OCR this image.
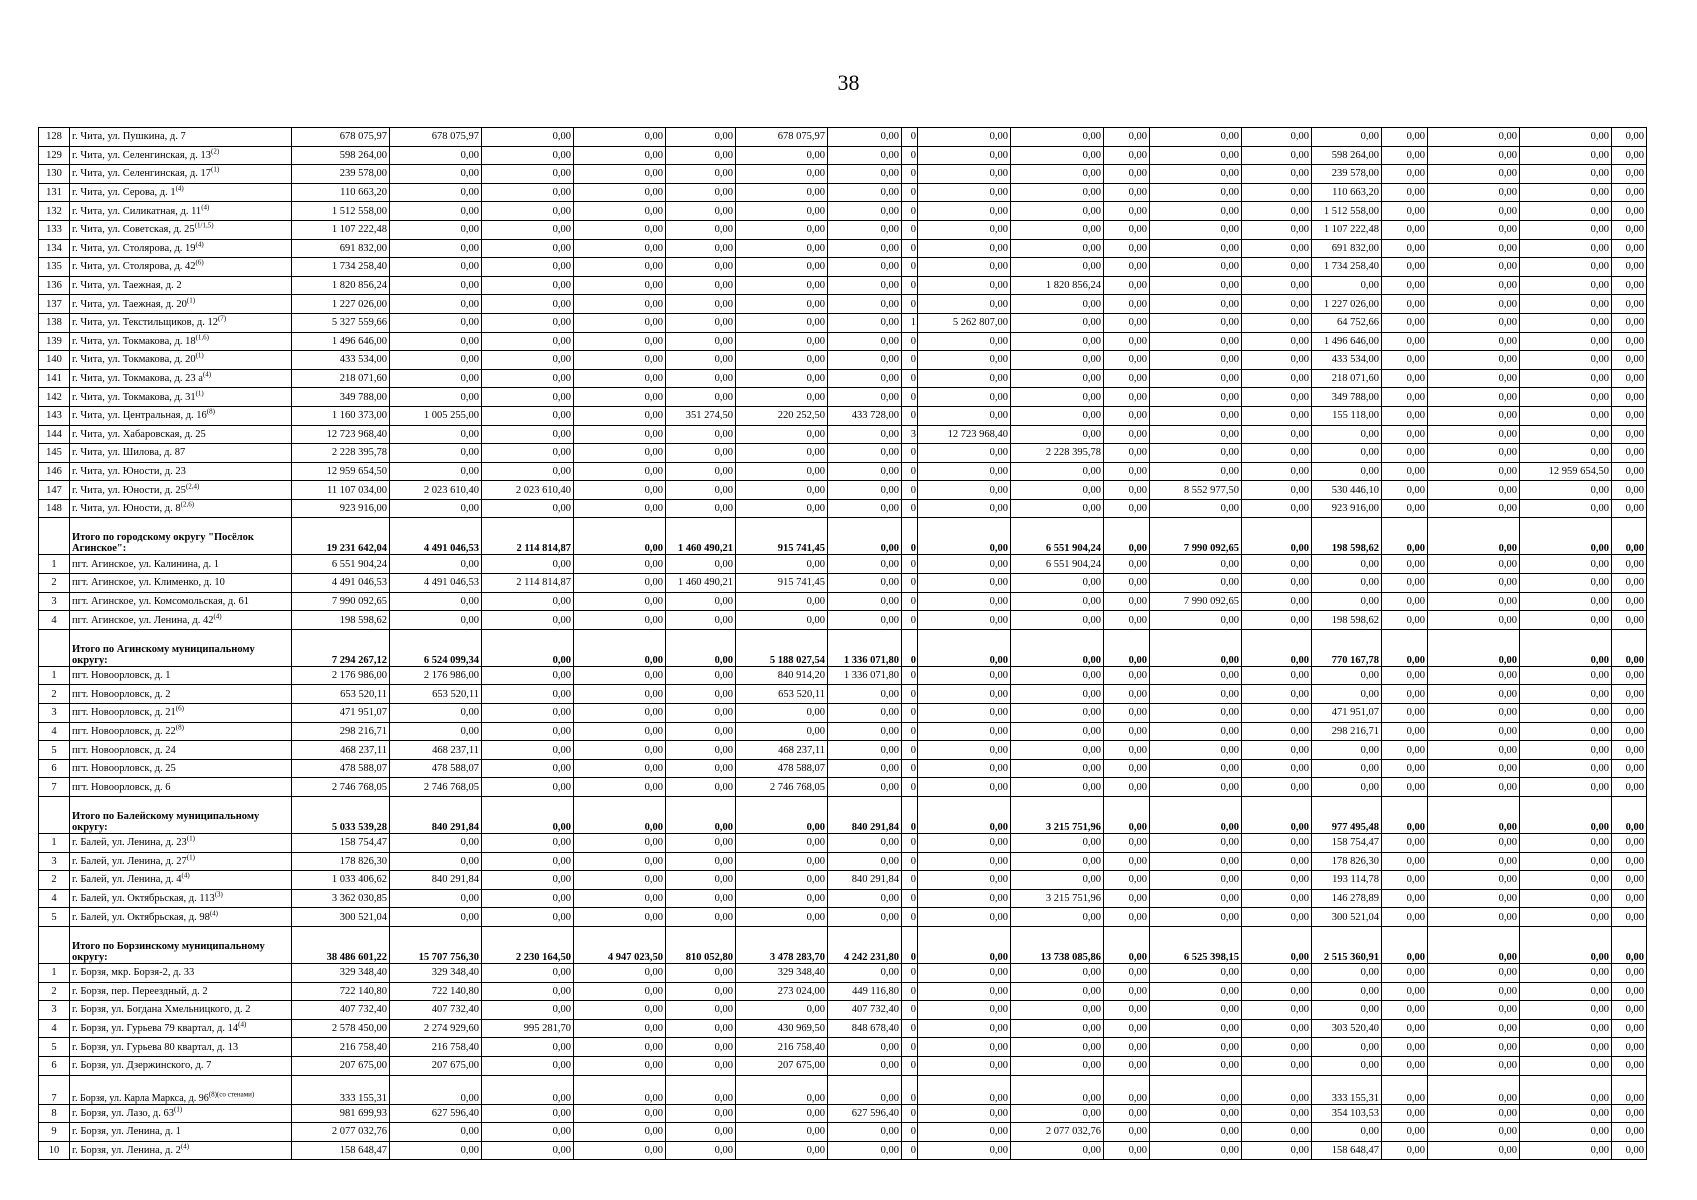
38
128	г. Чита, ул. Пушкина, д. 7	678 075,97	678 075,97	0,00	0,00	0,00	678 075,97	0,00	0	0,00	0,00	0,00	0,00	0,00	0,00	0,00	0,00	0,00	0,00
129	г. Чита, ул. Селенгинская, д. 13$^{(2)}$	598 264,00	0,00	0,00	0,00	0,00	0,00	0,00	0	0,00	0,00	0,00	0,00	0,00	598 264,00	0,00	0,00	0,00	0,00
130	г. Чита, ул. Селенгинская, д. 17$^{(1)}$	239 578,00	0,00	0,00	0,00	0,00	0,00	0,00	0	0,00	0,00	0,00	0,00	0,00	239 578,00	0,00	0,00	0,00	0,00
131	г. Чита, ул. Серова, д. 1$^{(4)}$	110 663,20	0,00	0,00	0,00	0,00	0,00	0,00	0	0,00	0,00	0,00	0,00	0,00	110 663,20	0,00	0,00	0,00	0,00
132	г. Чита, ул. Силикатная, д. 11$^{(4)}$	1 512 558,00	0,00	0,00	0,00	0,00	0,00	0,00	0	0,00	0,00	0,00	0,00	0,00	1 512 558,00	0,00	0,00	0,00	0,00
133	г. Чита, ул. Советская, д. $25^{(1/1,5)}$	1 107 222,48	0,00	0,00	0,00	0,00	0,00	0,00	0	0,00	0,00	0,00	0,00	0,00	1 107 222,48	0,00	0,00	0,00	0,00
134	г. Чита, ул. Столярова, д. 19$^{(4)}$	691 832,00	0,00	0,00	0,00	0,00	0,00	0,00	0	0,00	0,00	0,00	0,00	0,00	691 832,00	0,00	0,00	0,00	0,00
135	г. Чита, ул. Столярова, д. 42$^{(6)}$	1 734 258,40	0,00	0,00	0,00	0,00	0,00	0,00	0	0,00	0,00	0,00	0,00	0,00	1 734 258,40	0,00	0,00	0,00	0,00
136	г. Чита, ул. Таежная, д. 2	1 820 856,24	0,00	0,00	0,00	0,00	0,00	0,00	0	0,00	1 820 856,24	0,00	0,00	0,00	0,00	0,00	0,00	0,00	0,00
137	г. Чита, ул. Таежная, д. 20$^{(1)}$	1 227 026,00	0,00	0,00	0,00	0,00	0,00	0,00	0	0,00	0,00	0,00	0,00	0,00	1 227 026,00	0,00	0,00	0,00	0,00
138	г. Чита, ул. Текстильщиков, д. 12$^{(7)}$	5 327 559,66	0,00	0,00	0,00	0,00	0,00	0,00	1	5 262 807,00	0,00	0,00	0,00	0,00	64 752,66	0,00	0,00	0,00	0,00
139	г. Чита, ул. Токмакова, д. 18$^{(1,6)}$	1 496 646,00	0,00	0,00	0,00	0,00	0,00	0,00	0	0,00	0,00	0,00	0,00	0,00	1 496 646,00	0,00	0,00	0,00	0,00
140	г. Чита, ул. Токмакова, д. 20$^{(1)}$	433 534,00	0,00	0,00	0,00	0,00	0,00	0,00	0	0,00	0,00	0,00	0,00	0,00	433 534,00	0,00	0,00	0,00	0,00
141	г. Чита, ул. Токмакова, д. 23 $а^{(4)}$	218 071,60	0,00	0,00	0,00	0,00	0,00	0,00	0	0,00	0,00	0,00	0,00	0,00	218 071,60	0,00	0,00	0,00	0,00
142	г. Чита, ул. Токмакова, д. 31$^{(1)}$	349 788,00	0,00	0,00	0,00	0,00	0,00	0,00	0	0,00	0,00	0,00	0,00	0,00	349 788,00	0,00	0,00	0,00	0,00
143	г. Чита, ул. Центральная, д. 16$^{(8)}$	1 160 373,00	1 005 255,00	0,00	0,00	351 274,50	220 252,50	433 728,00	0	0,00	0,00	0,00	0,00	0,00	155 118,00	0,00	0,00	0,00	0,00
144	г. Чита, ул. Хабаровская, д. 25	12 723 968,40	0,00	0,00	0,00	0,00	0,00	0,00	3	12 723 968,40	0,00	0,00	0,00	0,00	0,00	0,00	0,00	0,00	0,00
145	г. Чита, ул. Шилова, д. 87	2 228 395,78	0,00	0,00	0,00	0,00	0,00	0,00	0	0,00	2 228 395,78	0,00	0,00	0,00	0,00	0,00	0,00	0,00	0,00
146	г. Чита, ул. Юности, д. 23	12 959 654,50	0,00	0,00	0,00	0,00	0,00	0,00	0	0,00	0,00	0,00	0,00	0,00	0,00	0,00	0,00	12 959 654,50	0,00
147	г. Чита, ул. Юности, д. 25$^{(2,4)}$	11 107 034,00	2 023 610,40	2 023 610,40	0,00	0,00	0,00	0,00	0	0,00	0,00	0,00	8 552 977,50	0,00	530 446,10	0,00	0,00	0,00	0,00
148	г. Чита, ул. Юности, д. 8$^{(2,6)}$	923 916,00	0,00	0,00	0,00	0,00	0,00	0,00	0	0,00	0,00	0,00	0,00	0,00	923 916,00	0,00	0,00	0,00	0,00
	Итого по городскому округу "Посёлок Агинское":	19 231 642,04	4 491 046,53	2 114 814,87	0,00	1 460 490,21	915 741,45	0,00	0	0,00	6 551 904,24	0,00	7 990 092,65	0,00	198 598,62	0,00	0,00	0,00	0,00
1	пгт. Агинское, ул. Калинина, д. 1	6 551 904,24	0,00	0,00	0,00	0,00	0,00	0,00	0	0,00	6 551 904,24	0,00	0,00	0,00	0,00	0,00	0,00	0,00	0,00
2	пгт. Агинское, ул. Клименко, д. 10	4 491 046,53	4 491 046,53	2 114 814,87	0,00	1 460 490,21	915 741,45	0,00	0	0,00	0,00	0,00	0,00	0,00	0,00	0,00	0,00	0,00	0,00
3	пгт. Агинское, ул. Комсомольская, д. 61	7 990 092,65	0,00	0,00	0,00	0,00	0,00	0,00	0	0,00	0,00	0,00	7 990 092,65	0,00	0,00	0,00	0,00	0,00	0,00
4	пгт. Агинское, ул. Ленина, д. 42$^{(4)}$	198 598,62	0,00	0,00	0,00	0,00	0,00	0,00	0	0,00	0,00	0,00	0,00	0,00	198 598,62	0,00	0,00	0,00	0,00
	Итого по Агинскому муниципальному округу:	7 294 267,12	6 524 099,34	0,00	0,00	0,00	5 188 027,54	1 336 071,80	0	0,00	0,00	0,00	0,00	0,00	770 167,78	0,00	0,00	0,00	0,00
1	пгт. Новоорловск, д. 1	2 176 986,00	2 176 986,00	0,00	0,00	0,00	840 914,20	1 336 071,80	0	0,00	0,00	0,00	0,00	0,00	0,00	0,00	0,00	0,00	0,00
2	пгт. Новоорловск, д. 2	653 520,11	653 520,11	0,00	0,00	0,00	653 520,11	0,00	0	0,00	0,00	0,00	0,00	0,00	0,00	0,00	0,00	0,00	0,00
3	пгт. Новоорловск, д. 21$^{(6)}$	471 951,07	0,00	0,00	0,00	0,00	0,00	0,00	0	0,00	0,00	0,00	0,00	0,00	471 951,07	0,00	0,00	0,00	0,00
4	пгт. Новоорловск, д. 22$^{(8)}$	298 216,71	0,00	0,00	0,00	0,00	0,00	0,00	0	0,00	0,00	0,00	0,00	0,00	298 216,71	0,00	0,00	0,00	0,00
5	пгт. Новоорловск, д. 24	468 237,11	468 237,11	0,00	0,00	0,00	468 237,11	0,00	0	0,00	0,00	0,00	0,00	0,00	0,00	0,00	0,00	0,00	0,00
6	пгт. Новоорловск, д. 25	478 588,07	478 588,07	0,00	0,00	0,00	478 588,07	0,00	0	0,00	0,00	0,00	0,00	0,00	0,00	0,00	0,00	0,00	0,00
7	пгт. Новоорловск, д. 6	2 746 768,05	2 746 768,05	0,00	0,00	0,00	2 746 768,05	0,00	0	0,00	0,00	0,00	0,00	0,00	0,00	0,00	0,00	0,00	0,00
	Итого по Балейскому муниципальному округу:	5 033 539,28	840 291,84	0,00	0,00	0,00	0,00	840 291,84	0	0,00	3 215 751,96	0,00	0,00	0,00	977 495,48	0,00	0,00	0,00	0,00
1	г. Балей, ул. Ленина, д. 23$^{(1)}$	158 754,47	0,00	0,00	0,00	0,00	0,00	0,00	0	0,00	0,00	0,00	0,00	0,00	158 754,47	0,00	0,00	0,00	0,00
3	г. Балей, ул. Ленина, д. 27$^{(1)}$	178 826,30	0,00	0,00	0,00	0,00	0,00	0,00	0	0,00	0,00	0,00	0,00	0,00	178 826,30	0,00	0,00	0,00	0,00
2	г. Балей, ул. Ленина, д. 4$^{(4)}$	1 033 406,62	840 291,84	0,00	0,00	0,00	0,00	840 291,84	0	0,00	0,00	0,00	0,00	0,00	193 114,78	0,00	0,00	0,00	0,00
4	г. Балей, ул. Октябрьская, д. 113$^{(3)}$	3 362 030,85	0,00	0,00	0,00	0,00	0,00	0,00	0	0,00	3 215 751,96	0,00	0,00	0,00	146 278,89	0,00	0,00	0,00	0,00
5	г. Балей, ул. Октябрьская, д. 98$^{(4)}$	300 521,04	0,00	0,00	0,00	0,00	0,00	0,00	0	0,00	0,00	0,00	0,00	0,00	300 521,04	0,00	0,00	0,00	0,00
	Итого по Борзинскому муниципальному округу:	38 486 601,22	15 707 756,30	2 230 164,50	4 947 023,50	810 052,80	3 478 283,70	4 242 231,80	0	0,00	13 738 085,86	0,00	6 525 398,15	0,00	2 515 360,91	0,00	0,00	0,00	0,00
1	г. Борзя, мкр. Борзя-2, д. 33	329 348,40	329 348,40	0,00	0,00	0,00	329 348,40	0,00	0	0,00	0,00	0,00	0,00	0,00	0,00	0,00	0,00	0,00	0,00
2	г. Борзя, пер. Переездный, д. 2	722 140,80	722 140,80	0,00	0,00	0,00	273 024,00	449 116,80	0	0,00	0,00	0,00	0,00	0,00	0,00	0,00	0,00	0,00	0,00
3	г. Борзя, ул. Богдана Хмельницкого, д. 2	407 732,40	407 732,40	0,00	0,00	0,00	0,00	407 732,40	0	0,00	0,00	0,00	0,00	0,00	0,00	0,00	0,00	0,00	0,00
4	г. Борзя, ул. Гурьева 79 квартал, д. 14$^{(4)}$	2 578 450,00	2 274 929,60	995 281,70	0,00	0,00	430 969,50	848 678,40	0	0,00	0,00	0,00	0,00	0,00	303 520,40	0,00	0,00	0,00	0,00
5	г. Борзя, ул. Гурьева 80 квартал, д. 13	216 758,40	216 758,40	0,00	0,00	0,00	216 758,40	0,00	0	0,00	0,00	0,00	0,00	0,00	0,00	0,00	0,00	0,00	0,00
6	г. Борзя, ул. Дзержинского, д. 7	207 675,00	207 675,00	0,00	0,00	0,00	207 675,00	0,00	0	0,00	0,00	0,00	0,00	0,00	0,00	0,00	0,00	0,00	0,00
7	г. Борзя, ул. Карла Маркса, д. $96^{(8)(со стенами)}$	333 155,31	0,00	0,00	0,00	0,00	0,00	0,00	0	0,00	0,00	0,00	0,00	0,00	333 155,31	0,00	0,00	0,00	0,00
8	г. Борзя, ул. Лазо, д. 63$^{(1)}$	981 699,93	627 596,40	0,00	0,00	0,00	0,00	627 596,40	0	0,00	0,00	0,00	0,00	0,00	354 103,53	0,00	0,00	0,00	0,00
9	г. Борзя, ул. Ленина, д. 1	2 077 032,76	0,00	0,00	0,00	0,00	0,00	0,00	0	0,00	2 077 032,76	0,00	0,00	0,00	0,00	0,00	0,00	0,00	0,00
10	г. Борзя, ул. Ленина, д. 2$^{(4)}$	158 648,47	0,00	0,00	0,00	0,00	0,00	0,00	0	0,00	0,00	0,00	0,00	0,00	158 648,47	0,00	0,00	0,00	0,00
